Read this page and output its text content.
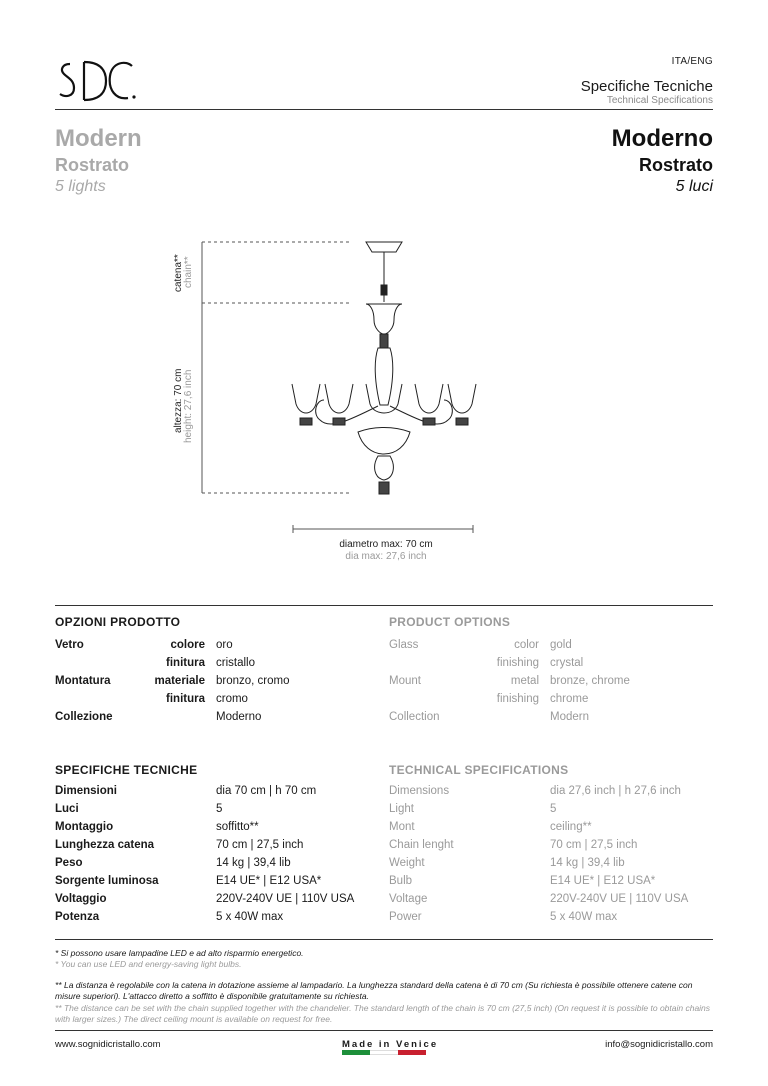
ITA/ENG
Specifiche Tecniche
Technical Specifications
Modern
Rostrato
5 lights
Moderno
Rostrato
5 luci
catena** chain**
altezza: 70 cm height: 27,6 inch
diametro max: 70 cm
dia max: 27,6 inch
OPZIONI PRODOTTO	PRODUCT OPTIONS
Vetro	colore oro
finitura cristallo
Montatura	materiale bronzo, cromo
finitura cromo
Collezione	Moderno
Glass	color gold
finishing crystal
Mount	metal bronze, chrome
finishing chrome
Collection	Modern
SPECIFICHE TECNICHE	TECHNICAL SPECIFICATIONS
Dimensioni	dia 70 cm | h 70 cm
Luci	5
Montaggio	soffitto**
Lunghezza catena	70 cm | 27,5 inch
Peso	14 kg | 39,4 lib
Sorgente luminosa	E14 UE* | E12 USA*
Voltaggio	220V-240V UE | 110V USA
Potenza	5 x 40W max
Dimensions	dia 27,6 inch | h 27,6 inch
Light	5
Mont	ceiling**
Chain lenght	70 cm | 27,5 inch
Weight	14 kg | 39,4 lib
Bulb	E14 UE* | E12 USA*
Voltage	220V-240V UE | 110V USA
Power	5 x 40W max
* Si possono usare lampadine LED e ad alto risparmio energetico.
* You can use LED and energy-saving light bulbs.
** La distanza è regolabile con la catena in dotazione assieme al lampadario. La lunghezza standard della catena è di 70 cm (Su richiesta è possibile ottenere catene con misure superiori). L'attacco diretto a soffitto è disponibile gratuitamente su richiesta.
** The distance can be set with the chain supplied together with the chandelier. The standard length of the chain is 70 cm (27,5 inch) (On request it is possible to obtain chains with larger sizes.) The direct ceiling mount is available on request for free.
www.sognidicristallo.com	Made in Venice	info@sognidicristallo.com
